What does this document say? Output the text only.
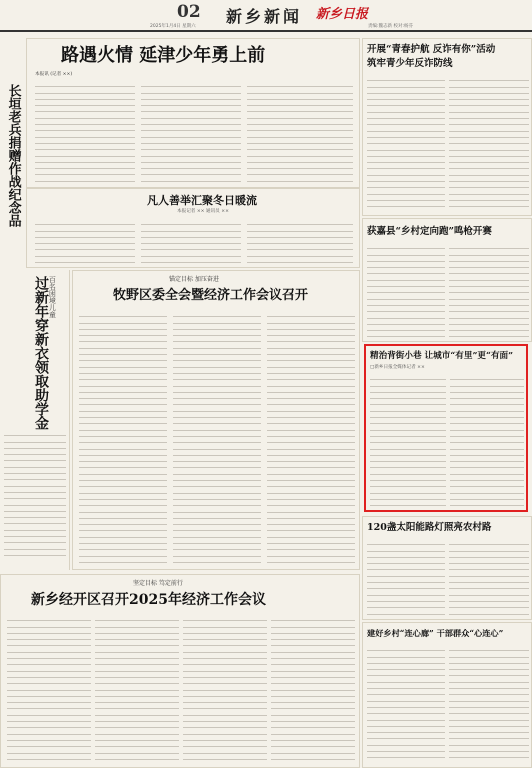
02
2025年1月4日 星期六
新乡新闻 新乡日报
责编:魏志新 校对:杨芬
路遇火情 延津少年勇上前
本报讯 (记者 ××)
长垣老兵捐赠作战纪念品	凡人善举汇聚冬日暖流
本报记者 ×× 通讯员 ××
百名困境儿童
过新年穿新衣领取助学金	锚定目标 加压奋进
牧野区委全会暨经济工作会议召开
开展“青春护航 反诈有你”活动
筑牢青少年反诈防线
获嘉县“乡村定向跑”鸣枪开赛
精治背街小巷 让城市“有里”更“有面”
□新乡日报全媒体记者 ××
120盏太阳能路灯照亮农村路
坚定目标 笃定前行
新乡经开区召开2025年经济工作会议
建好乡村“连心廊” 干部群众“心连心”
